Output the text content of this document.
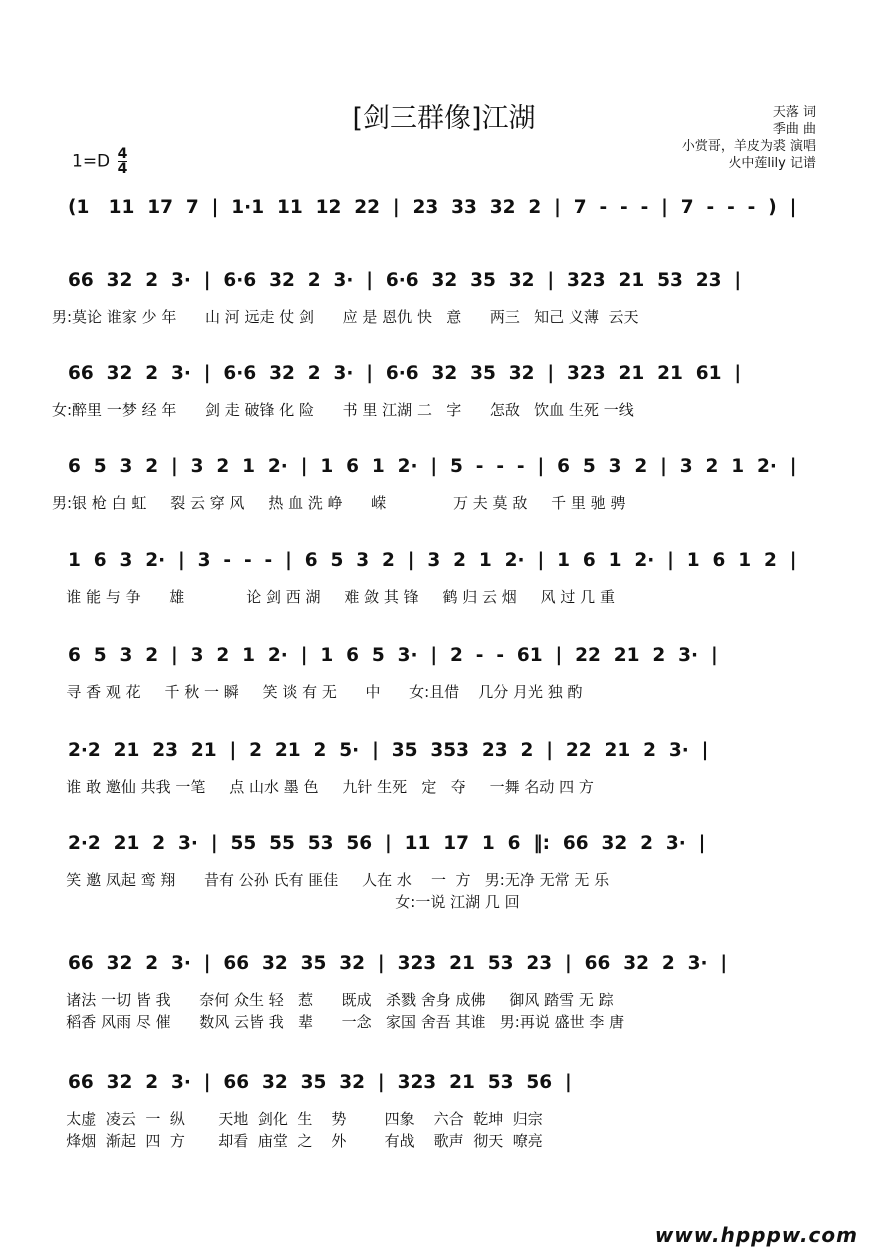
[剑三群像]江湖	天落 词
季曲 曲
小赏哥，羊皮为裘 演唱
火中莲lily 记谱
$1=D \frac{4}{4}$
(1   11  17  7  |  1·1  11  12  22  |  23  33  32  2  |  7  -  -  -  |  7  -  -  -  )  |
66  32  2  3·  |  6·6  32  2  3·  |  6·6  32  35  32  |  323  21  53  23  |
男:莫论 谁家 少 年      山 河 远走 仗 剑      应 是 恩仇 快   意      两三   知己 义薄  云天
66  32  2  3·  |  6·6  32  2  3·  |  6·6  32  35  32  |  323  21  21  61  |
女:醉里 一梦 经 年      剑 走 破锋 化 险      书 里 江湖 二   字      怎敌   饮血 生死 一线
6  5  3  2  |  3  2  1  2·  |  1  6  1  2·  |  5  -  -  -  |  6  5  3  2  |  3  2  1  2·  |
男:银 枪 白 虹     裂 云 穿 风     热 血 洗 峥      嵘              万 夫 莫 敌     千 里 驰 骋
1  6  3  2·  |  3  -  -  -  |  6  5  3  2  |  3  2  1  2·  |  1  6  1  2·  |  1  6  1  2  |
谁 能 与 争      雄             论 剑 西 湖     难 敛 其 锋     鹤 归 云 烟     风 过 几 重
6  5  3  2  |  3  2  1  2·  |  1  6  5  3·  |  2  -  -  61  |  22  21  2  3·  |
寻 香 观 花     千 秋 一 瞬     笑 谈 有 无      中      女:且借    几分 月光 独 酌
2·2  21  23  21  |  2  21  2  5·  |  35  353  23  2  |  22  21  2  3·  |
谁 敢 邀仙 共我 一笔     点 山水 墨 色     九针 生死   定   夺     一舞 名动 四 方
2·2  21  2  3·  |  55  55  53  56  |  11  17  1  6  ‖:  66  32  2  3·  |
笑 邀 凤起 鸾 翔      昔有 公孙 氏有 匪佳     人在 水    一  方   男:无净 无常 无 乐
女:一说 江湖 几 回
66  32  2  3·  |  66  32  35  32  |  323  21  53  23  |  66  32  2  3·  |
诸法 一切 皆 我      奈何 众生 轻   惹      既成   杀戮 舍身 成佛     御风 踏雪 无 踪
稻香 风雨 尽 催      数风 云皆 我   辈      一念   家国 舍吾 其谁   男:再说 盛世 李 唐
66  32  2  3·  |  66  32  35  32  |  323  21  53  56  |
太虚  凌云  一  纵       天地  剑化  生    势        四象    六合  乾坤  归宗
烽烟  渐起  四  方       却看  庙堂  之    外        有战    歌声  彻天  嘹亮
www.hpppw.com
